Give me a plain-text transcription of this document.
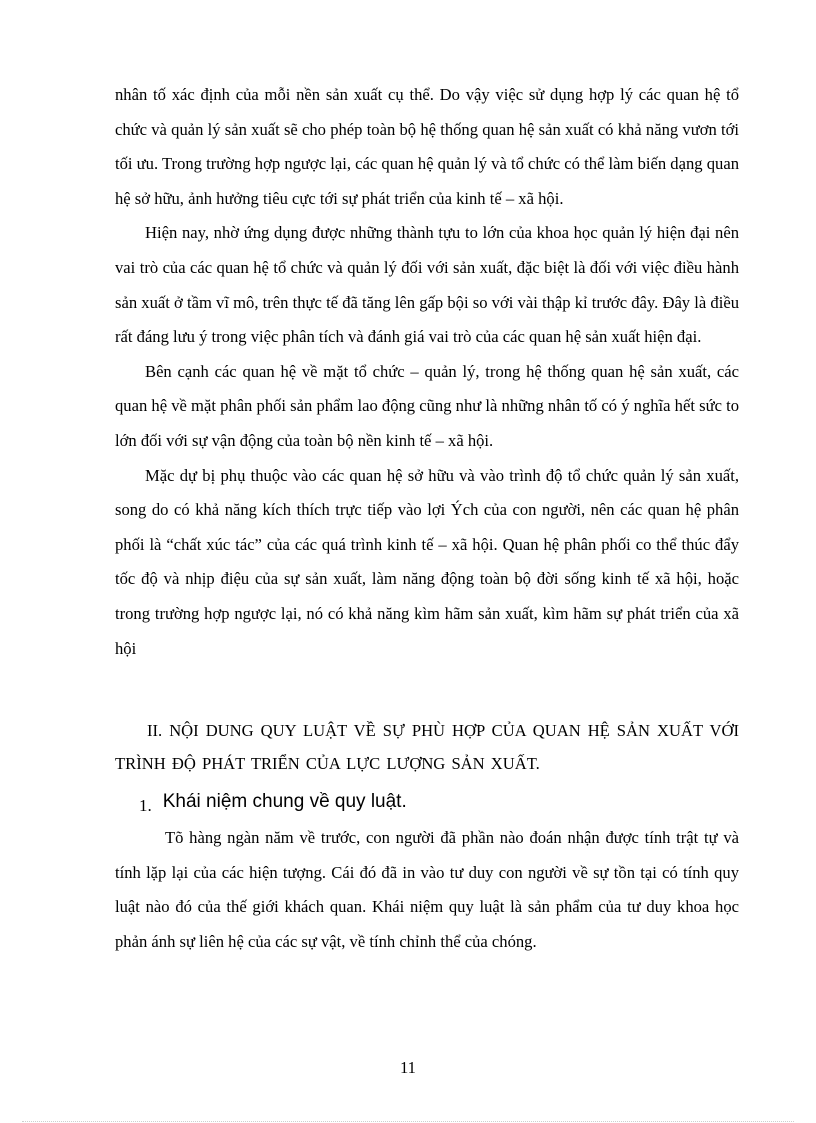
nhân tố xác định của mỗi nền sản xuất cụ thể. Do vậy việc sử dụng hợp lý các quan hệ tổ chức và quản lý sản xuất sẽ cho phép toàn bộ hệ thống quan hệ sản xuất có khả năng vươn tới tối ưu. Trong trường hợp ngược lại, các quan hệ quản lý và tổ chức có thể làm biến dạng quan hệ sở hữu, ảnh hưởng tiêu cực tới sự phát triển của kinh tế – xã hội.

Hiện nay, nhờ ứng dụng được những thành tựu to lớn của khoa học quản lý hiện đại nên vai trò của các quan hệ tổ chức và quản lý đối với sản xuất, đặc biệt là đối với việc điều hành sản xuất ở tầm vĩ mô, trên thực tế đã tăng lên gấp bội so với vài thập kỉ trước đây. Đây là điều rất đáng lưu ý trong việc phân tích và đánh giá vai trò của các quan hệ sản xuất hiện đại.

Bên cạnh các quan hệ về mặt tổ chức – quản lý, trong hệ thống quan hệ sản xuất, các quan hệ về mặt phân phối sản phẩm lao động cũng như là những nhân tố có ý nghĩa hết sức to lớn đối với sự vận động của toàn bộ nền kinh tế – xã hội.

Mặc dự bị phụ thuộc vào các quan hệ sở hữu và vào trình độ tổ chức quản lý sản xuất, song do có khả năng kích thích trực tiếp vào lợi Ých của con người, nên các quan hệ phân phối là “chất xúc tác” của các quá trình kinh tế – xã hội. Quan hệ phân phối co thể thúc đẩy tốc độ và nhịp điệu của sự sản xuất, làm năng động toàn bộ đời sống kinh tế xã hội, hoặc trong trường hợp ngược lại, nó có khả năng kìm hãm sản xuất, kìm hãm sự phát triển của xã hội

II. NỘI DUNG QUY LUẬT VỀ SỰ PHÙ HỢP CỦA QUAN HỆ SẢN XUẤT VỚI TRÌNH ĐỘ PHÁT TRIỂN CỦA LỰC LƯỢNG SẢN XUẤT.

$_{1.}$ Khái niệm chung về quy luật.

Tõ hàng ngàn năm về trước, con người đã phần nào đoán nhận được tính trật tự và tính lặp lại của các hiện tượng. Cái đó đã in vào tư duy con người về sự tồn tại có tính quy luật nào đó của thế giới khách quan. Khái niệm quy luật là sản phẩm của tư duy khoa học phản ánh sự liên hệ của các sự vật, về tính chỉnh thể của chóng.

11
